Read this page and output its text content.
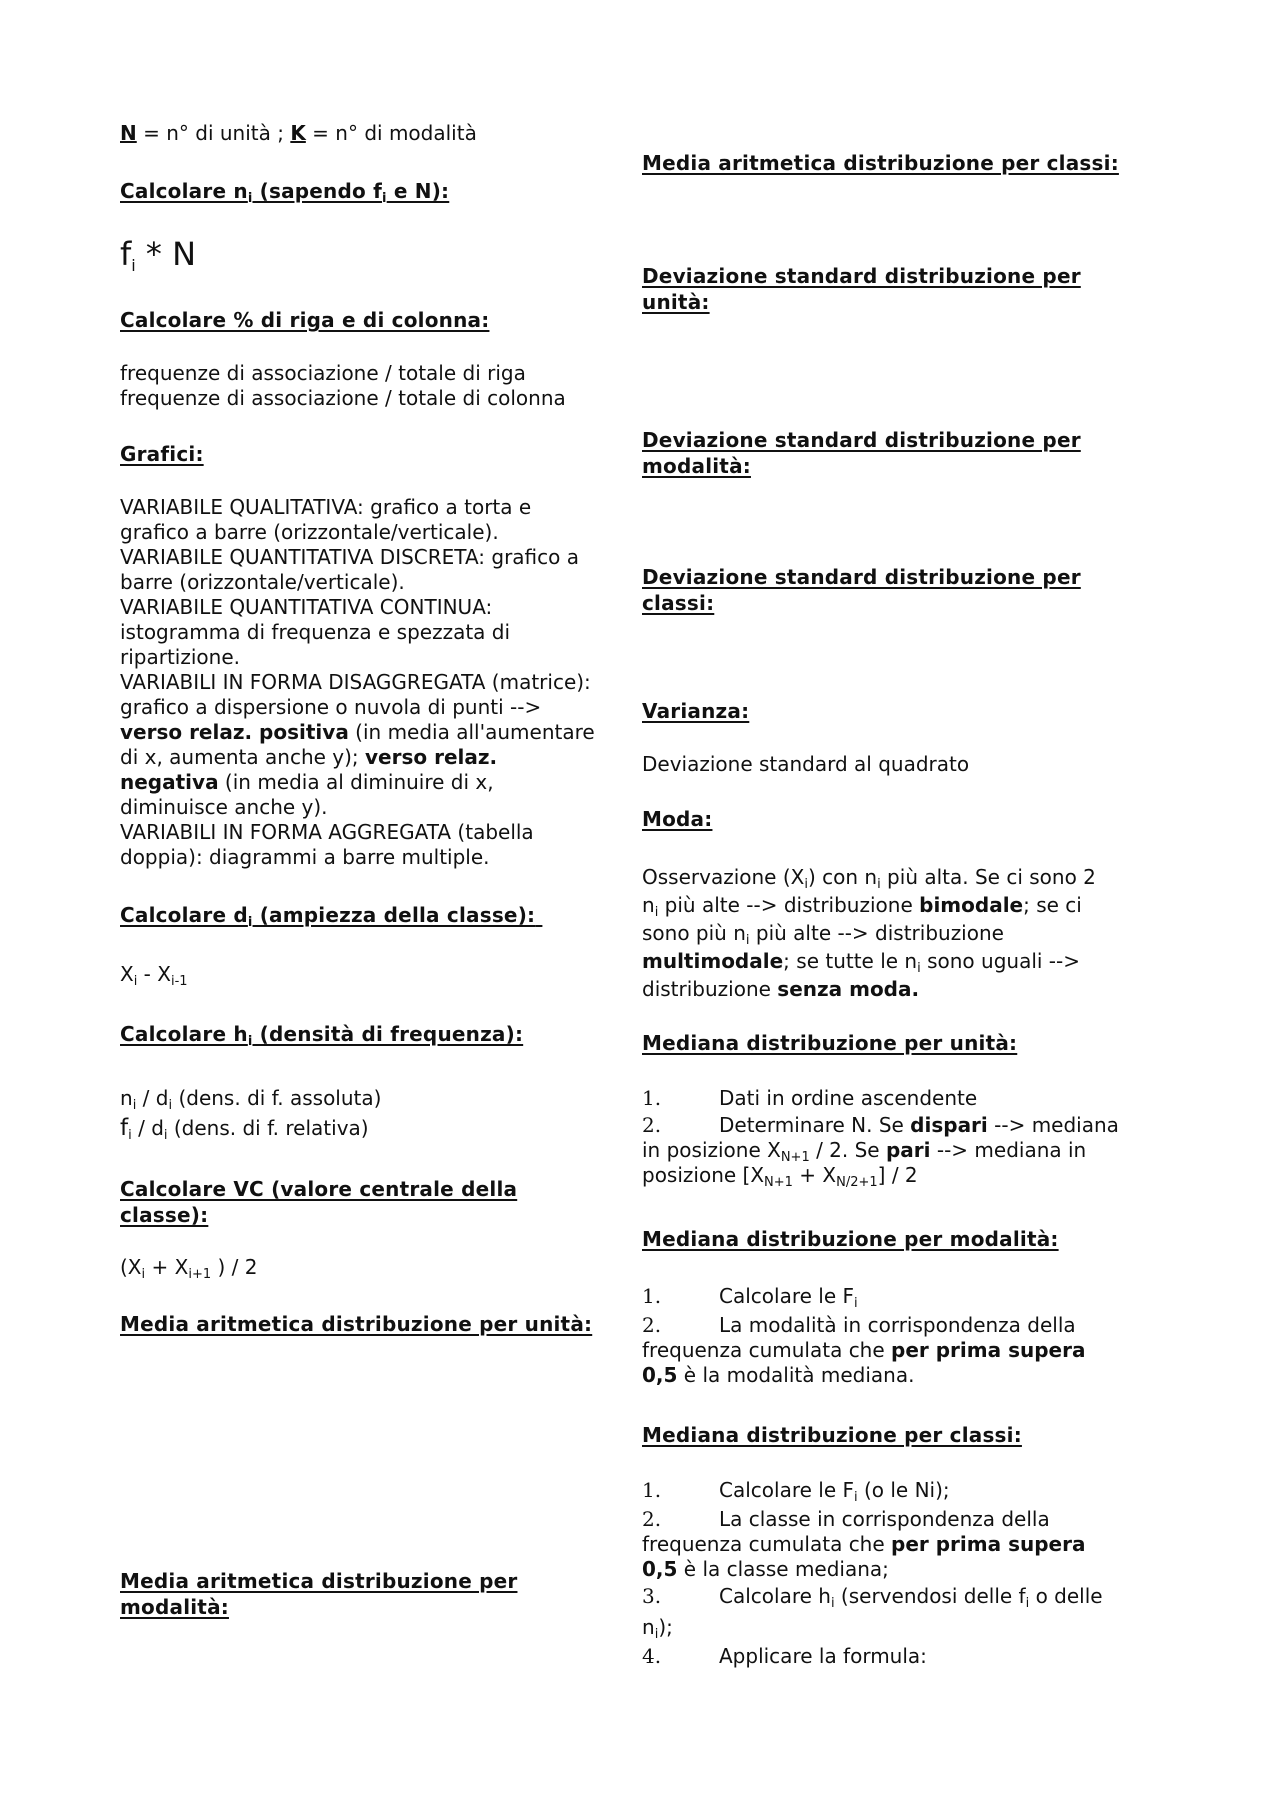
N = n° di unità ; K = n° di modalità
Calcolare $n_i$ (sapendo $f_i$ e N):
$f_i$ * N
Calcolare % di riga e di colonna:
frequenze di associazione / totale di riga
frequenze di associazione / totale di colonna
Grafici:
VARIABILE QUALITATIVA: grafico a torta e
grafico a barre (orizzontale/verticale).
VARIABILE QUANTITATIVA DISCRETA: grafico a
barre (orizzontale/verticale).
VARIABILE QUANTITATIVA CONTINUA:
istogramma di frequenza e spezzata di
ripartizione.
VARIABILI IN FORMA DISAGGREGATA (matrice):
grafico a dispersione o nuvola di punti -->
verso relaz. positiva (in media all'aumentare
di x, aumenta anche y); verso relaz.
negativa (in media al diminuire di x,
diminuisce anche y).
VARIABILI IN FORMA AGGREGATA (tabella
doppia): diagrammi a barre multiple.
Calcolare $d_i$ (ampiezza della classe):
$X_i - X_{i-1}$
Calcolare $h_i$ (densità di frequenza):
$n_i / d_i$ (dens. di f. assoluta)
$f_i / d_i$ (dens. di f. relativa)
Calcolare VC (valore centrale della
classe):
($X_i + X_{i+1}$ ) / 2
Media aritmetica distribuzione per unità:
Media aritmetica distribuzione per
modalità:
Media aritmetica distribuzione per classi:
Deviazione standard distribuzione per
unità:
Deviazione standard distribuzione per
modalità:
Deviazione standard distribuzione per
classi:
Varianza:
Deviazione standard al quadrato
Moda:
Osservazione $(X_i)$ con $n_i$ più alta. Se ci sono 2
$n_i$ più alte --> distribuzione bimodale; se ci
sono più $n_i$ più alte --> distribuzione
multimodale; se tutte le $n_i$ sono uguali -->
distribuzione senza moda.
Mediana distribuzione per unità:
1.	Dati in ordine ascendente
2.	Determinare N. Se dispari --> mediana
in posizione $X_{N+1} / 2$. Se pari --> mediana in
posizione $[X_{N+1} + X_{N/2+1}] / 2$
Mediana distribuzione per modalità:
1.	Calcolare le $F_i$
2.	La modalità in corrispondenza della
frequenza cumulata che per prima supera
0,5 è la modalità mediana.
Mediana distribuzione per classi:
1.	Calcolare le $F_i$ (o le Ni);
2.	La classe in corrispondenza della
frequenza cumulata che per prima supera
0,5 è la classe mediana;
3.	Calcolare $h_i$ (servendosi delle $f_i$ o delle
$n_i$);
4.	Applicare la formula:
